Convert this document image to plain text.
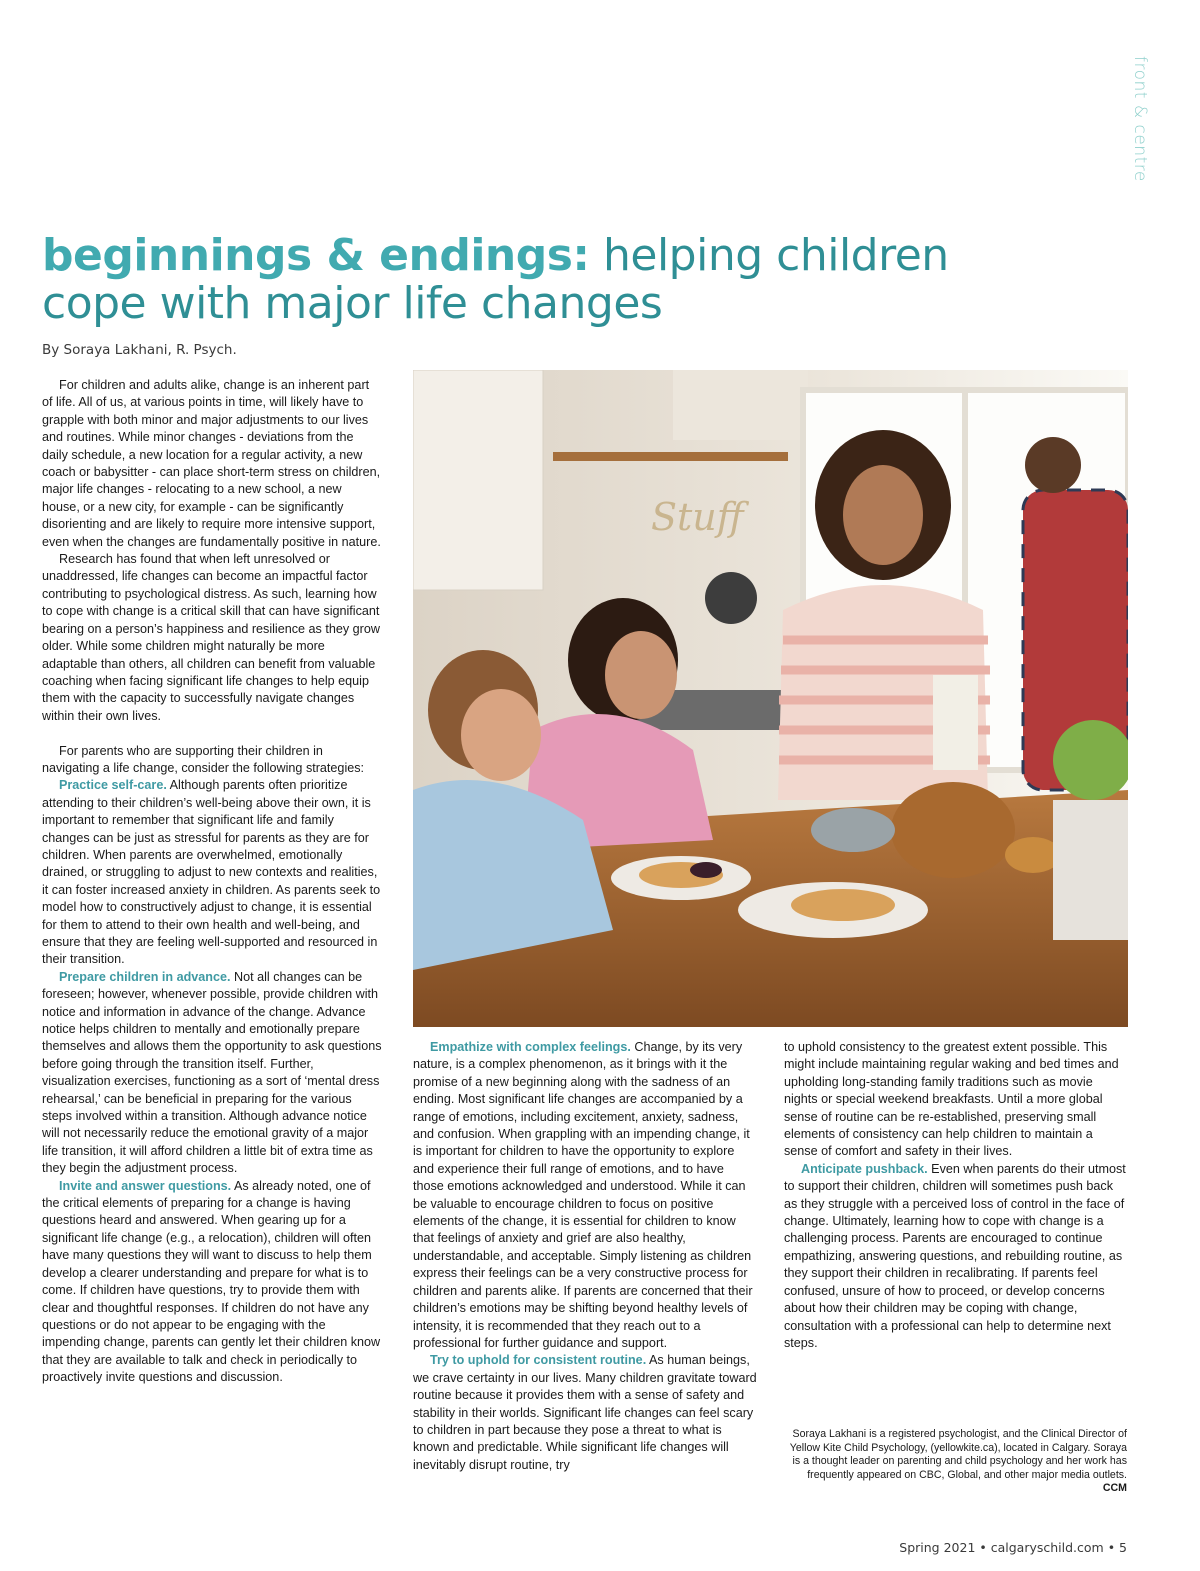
front & centre
beginnings & endings: helping children cope with major life changes
By Soraya Lakhani, R. Psych.

For children and adults alike, change is an inherent part of life. All of us, at various points in time, will likely have to grapple with both minor and major adjustments to our lives and routines. While minor changes - deviations from the daily schedule, a new location for a regular activity, a new coach or babysitter - can place short-term stress on children, major life changes - relocating to a new school, a new house, or a new city, for example - can be significantly disorienting and are likely to require more intensive support, even when the changes are fundamentally positive in nature.

Research has found that when left unresolved or unaddressed, life changes can become an impactful factor contributing to psychological distress. As such, learning how to cope with change is a critical skill that can have significant bearing on a person’s happiness and resilience as they grow older. While some children might naturally be more adaptable than others, all children can benefit from valuable coaching when facing significant life changes to help equip them with the capacity to successfully navigate changes within their own lives.

For parents who are supporting their children in navigating a life change, consider the following strategies:

Practice self-care. Although parents often prioritize attending to their children’s well-being above their own, it is important to remember that significant life and family changes can be just as stressful for parents as they are for children. When parents are overwhelmed, emotionally drained, or struggling to adjust to new contexts and realities, it can foster increased anxiety in children. As parents seek to model how to constructively adjust to change, it is essential for them to attend to their own health and well-being, and ensure that they are feeling well-supported and resourced in their transition.

Prepare children in advance. Not all changes can be foreseen; however, whenever possible, provide children with notice and information in advance of the change. Advance notice helps children to mentally and emotionally prepare themselves and allows them the opportunity to ask questions before going through the transition itself. Further, visualization exercises, functioning as a sort of ‘mental dress rehearsal,’ can be beneficial in preparing for the various steps involved within a transition. Although advance notice will not necessarily reduce the emotional gravity of a major life transition, it will afford children a little bit of extra time as they begin the adjustment process.

Invite and answer questions. As already noted, one of the critical elements of preparing for a change is having questions heard and answered. When gearing up for a significant life change (e.g., a relocation), children will often have many questions they will want to discuss to help them develop a clearer understanding and prepare for what is to come. If children have questions, try to provide them with clear and thoughtful responses. If children do not have any questions or do not appear to be engaging with the impending change, parents can gently let their children know that they are available to talk and check in periodically to proactively invite questions and discussion.

Stuff

Empathize with complex feelings. Change, by its very nature, is a complex phenomenon, as it brings with it the promise of a new beginning along with the sadness of an ending. Most significant life changes are accompanied by a range of emotions, including excitement, anxiety, sadness, and confusion. When grappling with an impending change, it is important for children to have the opportunity to explore and experience their full range of emotions, and to have those emotions acknowledged and understood. While it can be valuable to encourage children to focus on positive elements of the change, it is essential for children to know that feelings of anxiety and grief are also healthy, understandable, and acceptable. Simply listening as children express their feelings can be a very constructive process for children and parents alike. If parents are concerned that their children’s emotions may be shifting beyond healthy levels of intensity, it is recommended that they reach out to a professional for further guidance and support.

Try to uphold for consistent routine. As human beings, we crave certainty in our lives. Many children gravitate toward routine because it provides them with a sense of safety and stability in their worlds. Significant life changes can feel scary to children in part because they pose a threat to what is known and predictable. While significant life changes will inevitably disrupt routine, try

to uphold consistency to the greatest extent possible. This might include maintaining regular waking and bed times and upholding long-standing family traditions such as movie nights or special weekend breakfasts. Until a more global sense of routine can be re-established, preserving small elements of consistency can help children to maintain a sense of comfort and safety in their lives.

Anticipate pushback. Even when parents do their utmost to support their children, children will sometimes push back as they struggle with a perceived loss of control in the face of change. Ultimately, learning how to cope with change is a challenging process. Parents are encouraged to continue empathizing, answering questions, and rebuilding routine, as they support their children in recalibrating. If parents feel confused, unsure of how to proceed, or develop concerns about how their children may be coping with change, consultation with a professional can help to determine next steps.

Soraya Lakhani is a registered psychologist, and the Clinical Director of Yellow Kite Child Psychology, (yellowkite.ca), located in Calgary. Soraya is a thought leader on parenting and child psychology and her work has frequently appeared on CBC, Global, and other major media outlets. CCM
Spring 2021 • calgaryschild.com • 5
